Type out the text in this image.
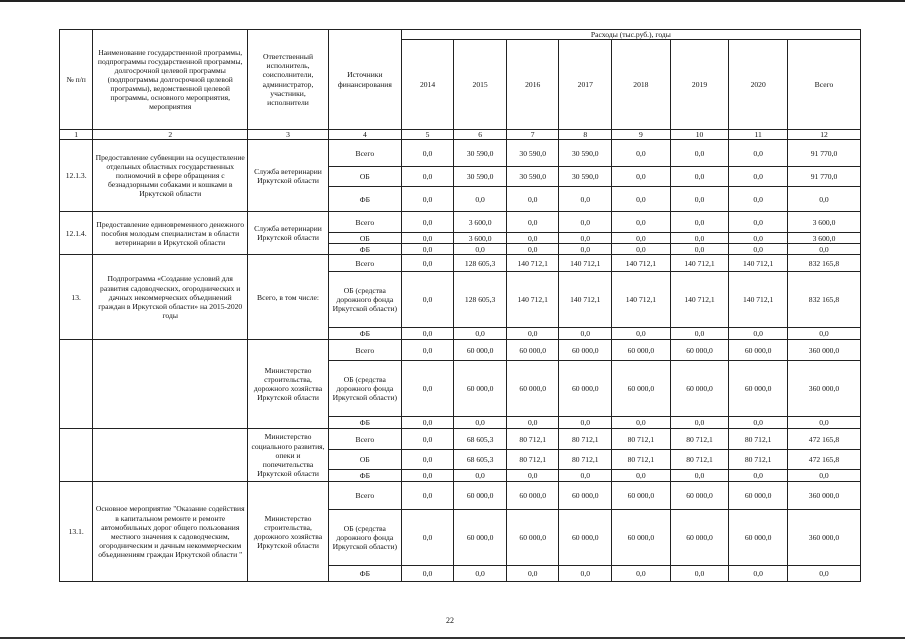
№ п/п	Наименование государственной программы, подпрограммы государственной программы, долгосрочной целевой программы (подпрограммы долгосрочной целевой программы), ведомственной целевой программы, основного мероприятия, мероприятия	Ответственный исполнитель, соисполнители, администратор, участники, исполнители	Источники финансирования	Расходы (тыс.руб.), годы							
				2014	2015	2016	2017	2018	2019	2020	Всего
1	2	3	4	5	6	7	8	9	10	11	12
12.1.3.	Предоставление субвенции на осуществление отдельных областных государственных полномочий в сфере обращения с безнадзорными собаками и кошками в Иркутской области	Служба ветеринарии Иркутской области	Всего	0,0	30 590,0	30 590,0	30 590,0	0,0	0,0	0,0	91 770,0
			ОБ	0,0	30 590,0	30 590,0	30 590,0	0,0	0,0	0,0	91 770,0
			ФБ	0,0	0,0	0,0	0,0	0,0	0,0	0,0	0,0
12.1.4.	Предоставление единовременного денежного пособия молодым специалистам в области ветеринарии в Иркутской области	Служба ветеринарии Иркутской области	Всего	0,0	3 600,0	0,0	0,0	0,0	0,0	0,0	3 600,0
			ОБ	0,0	3 600,0	0,0	0,0	0,0	0,0	0,0	3 600,0
			ФБ	0,0	0,0	0,0	0,0	0,0	0,0	0,0	0,0
13.	Подпрограмма «Создание условий для развития садоводческих, огороднических и дачных некоммерческих объединений граждан в Иркутской области» на 2015-2020 годы	Всего, в том числе:	Всего	0,0	128 605,3	140 712,1	140 712,1	140 712,1	140 712,1	140 712,1	832 165,8
			ОБ (средства дорожного фонда Иркутской области)	0,0	128 605,3	140 712,1	140 712,1	140 712,1	140 712,1	140 712,1	832 165,8
			ФБ	0,0	0,0	0,0	0,0	0,0	0,0	0,0	0,0
		Министерство строительства, дорожного хозяйства Иркутской области	Всего	0,0	60 000,0	60 000,0	60 000,0	60 000,0	60 000,0	60 000,0	360 000,0
			ОБ (средства дорожного фонда Иркутской области)	0,0	60 000,0	60 000,0	60 000,0	60 000,0	60 000,0	60 000,0	360 000,0
			ФБ	0,0	0,0	0,0	0,0	0,0	0,0	0,0	0,0
		Министерство социального развития, опеки и попечительства Иркутской области	Всего	0,0	68 605,3	80 712,1	80 712,1	80 712,1	80 712,1	80 712,1	472 165,8
			ОБ	0,0	68 605,3	80 712,1	80 712,1	80 712,1	80 712,1	80 712,1	472 165,8
			ФБ	0,0	0,0	0,0	0,0	0,0	0,0	0,0	0,0
13.1.	Основное мероприятие "Оказание содействия в капитальном ремонте и ремонте автомобильных дорог общего пользования местного значения к садоводческим, огородническим и дачным некоммерческим объединениям граждан Иркутской области "	Министерство строительства, дорожного хозяйства Иркутской области	Всего	0,0	60 000,0	60 000,0	60 000,0	60 000,0	60 000,0	60 000,0	360 000,0
			ОБ (средства дорожного фонда Иркутской области)	0,0	60 000,0	60 000,0	60 000,0	60 000,0	60 000,0	60 000,0	360 000,0
			ФБ	0,0	0,0	0,0	0,0	0,0	0,0	0,0	0,0
22
